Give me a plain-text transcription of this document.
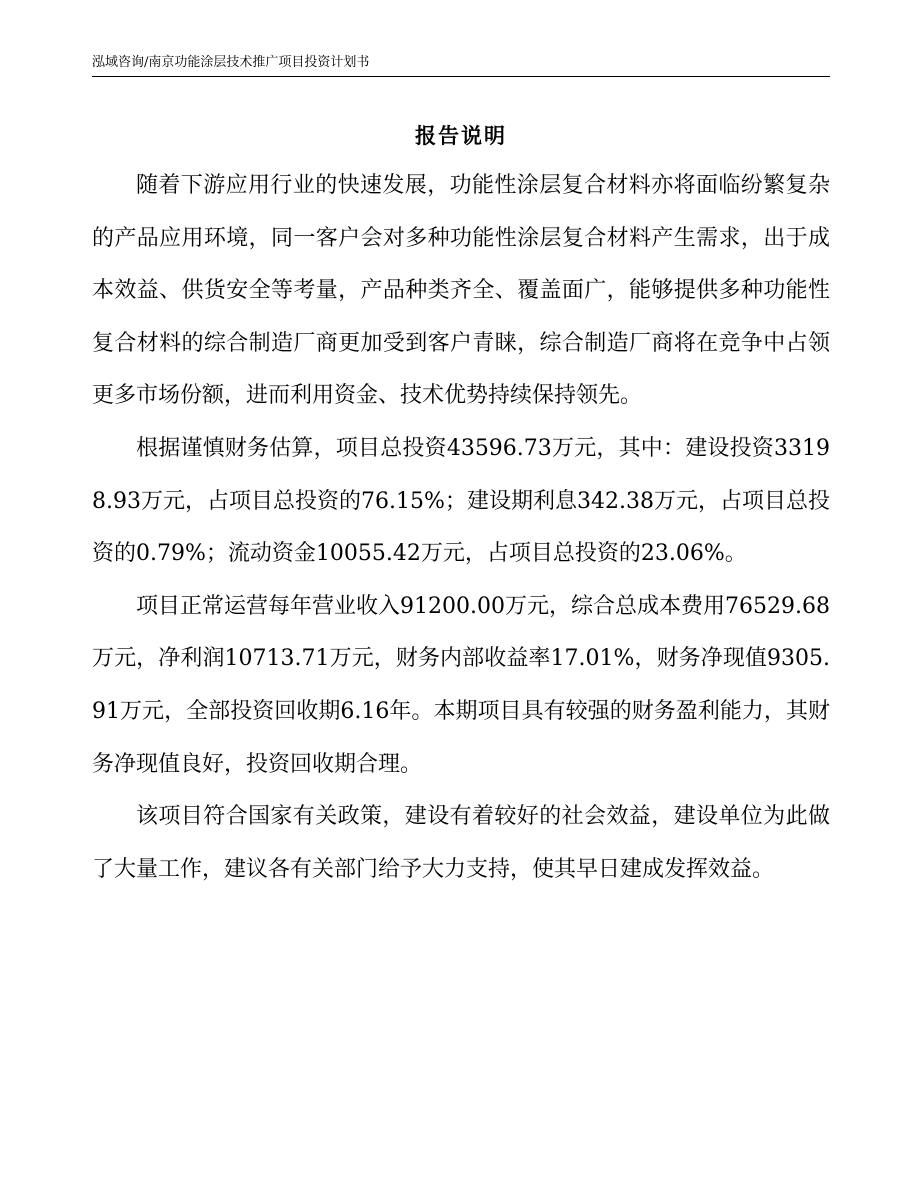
泓域咨询/南京功能涂层技术推广项目投资计划书
报告说明

随着下游应用行业的快速发展，功能性涂层复合材料亦将面临纷繁复杂的产品应用环境，同一客户会对多种功能性涂层复合材料产生需求，出于成本效益、供货安全等考量，产品种类齐全、覆盖面广，能够提供多种功能性复合材料的综合制造厂商更加受到客户青睐，综合制造厂商将在竞争中占领更多市场份额，进而利用资金、技术优势持续保持领先。

根据谨慎财务估算，项目总投资43596.73万元，其中：建设投资33198.93万元，占项目总投资的76.15%；建设期利息342.38万元，占项目总投资的0.79%；流动资金10055.42万元，占项目总投资的23.06%。

项目正常运营每年营业收入91200.00万元，综合总成本费用76529.68万元，净利润10713.71万元，财务内部收益率17.01%，财务净现值9305.91万元，全部投资回收期6.16年。本期项目具有较强的财务盈利能力，其财务净现值良好，投资回收期合理。

该项目符合国家有关政策，建设有着较好的社会效益，建设单位为此做了大量工作，建议各有关部门给予大力支持，使其早日建成发挥效益。
